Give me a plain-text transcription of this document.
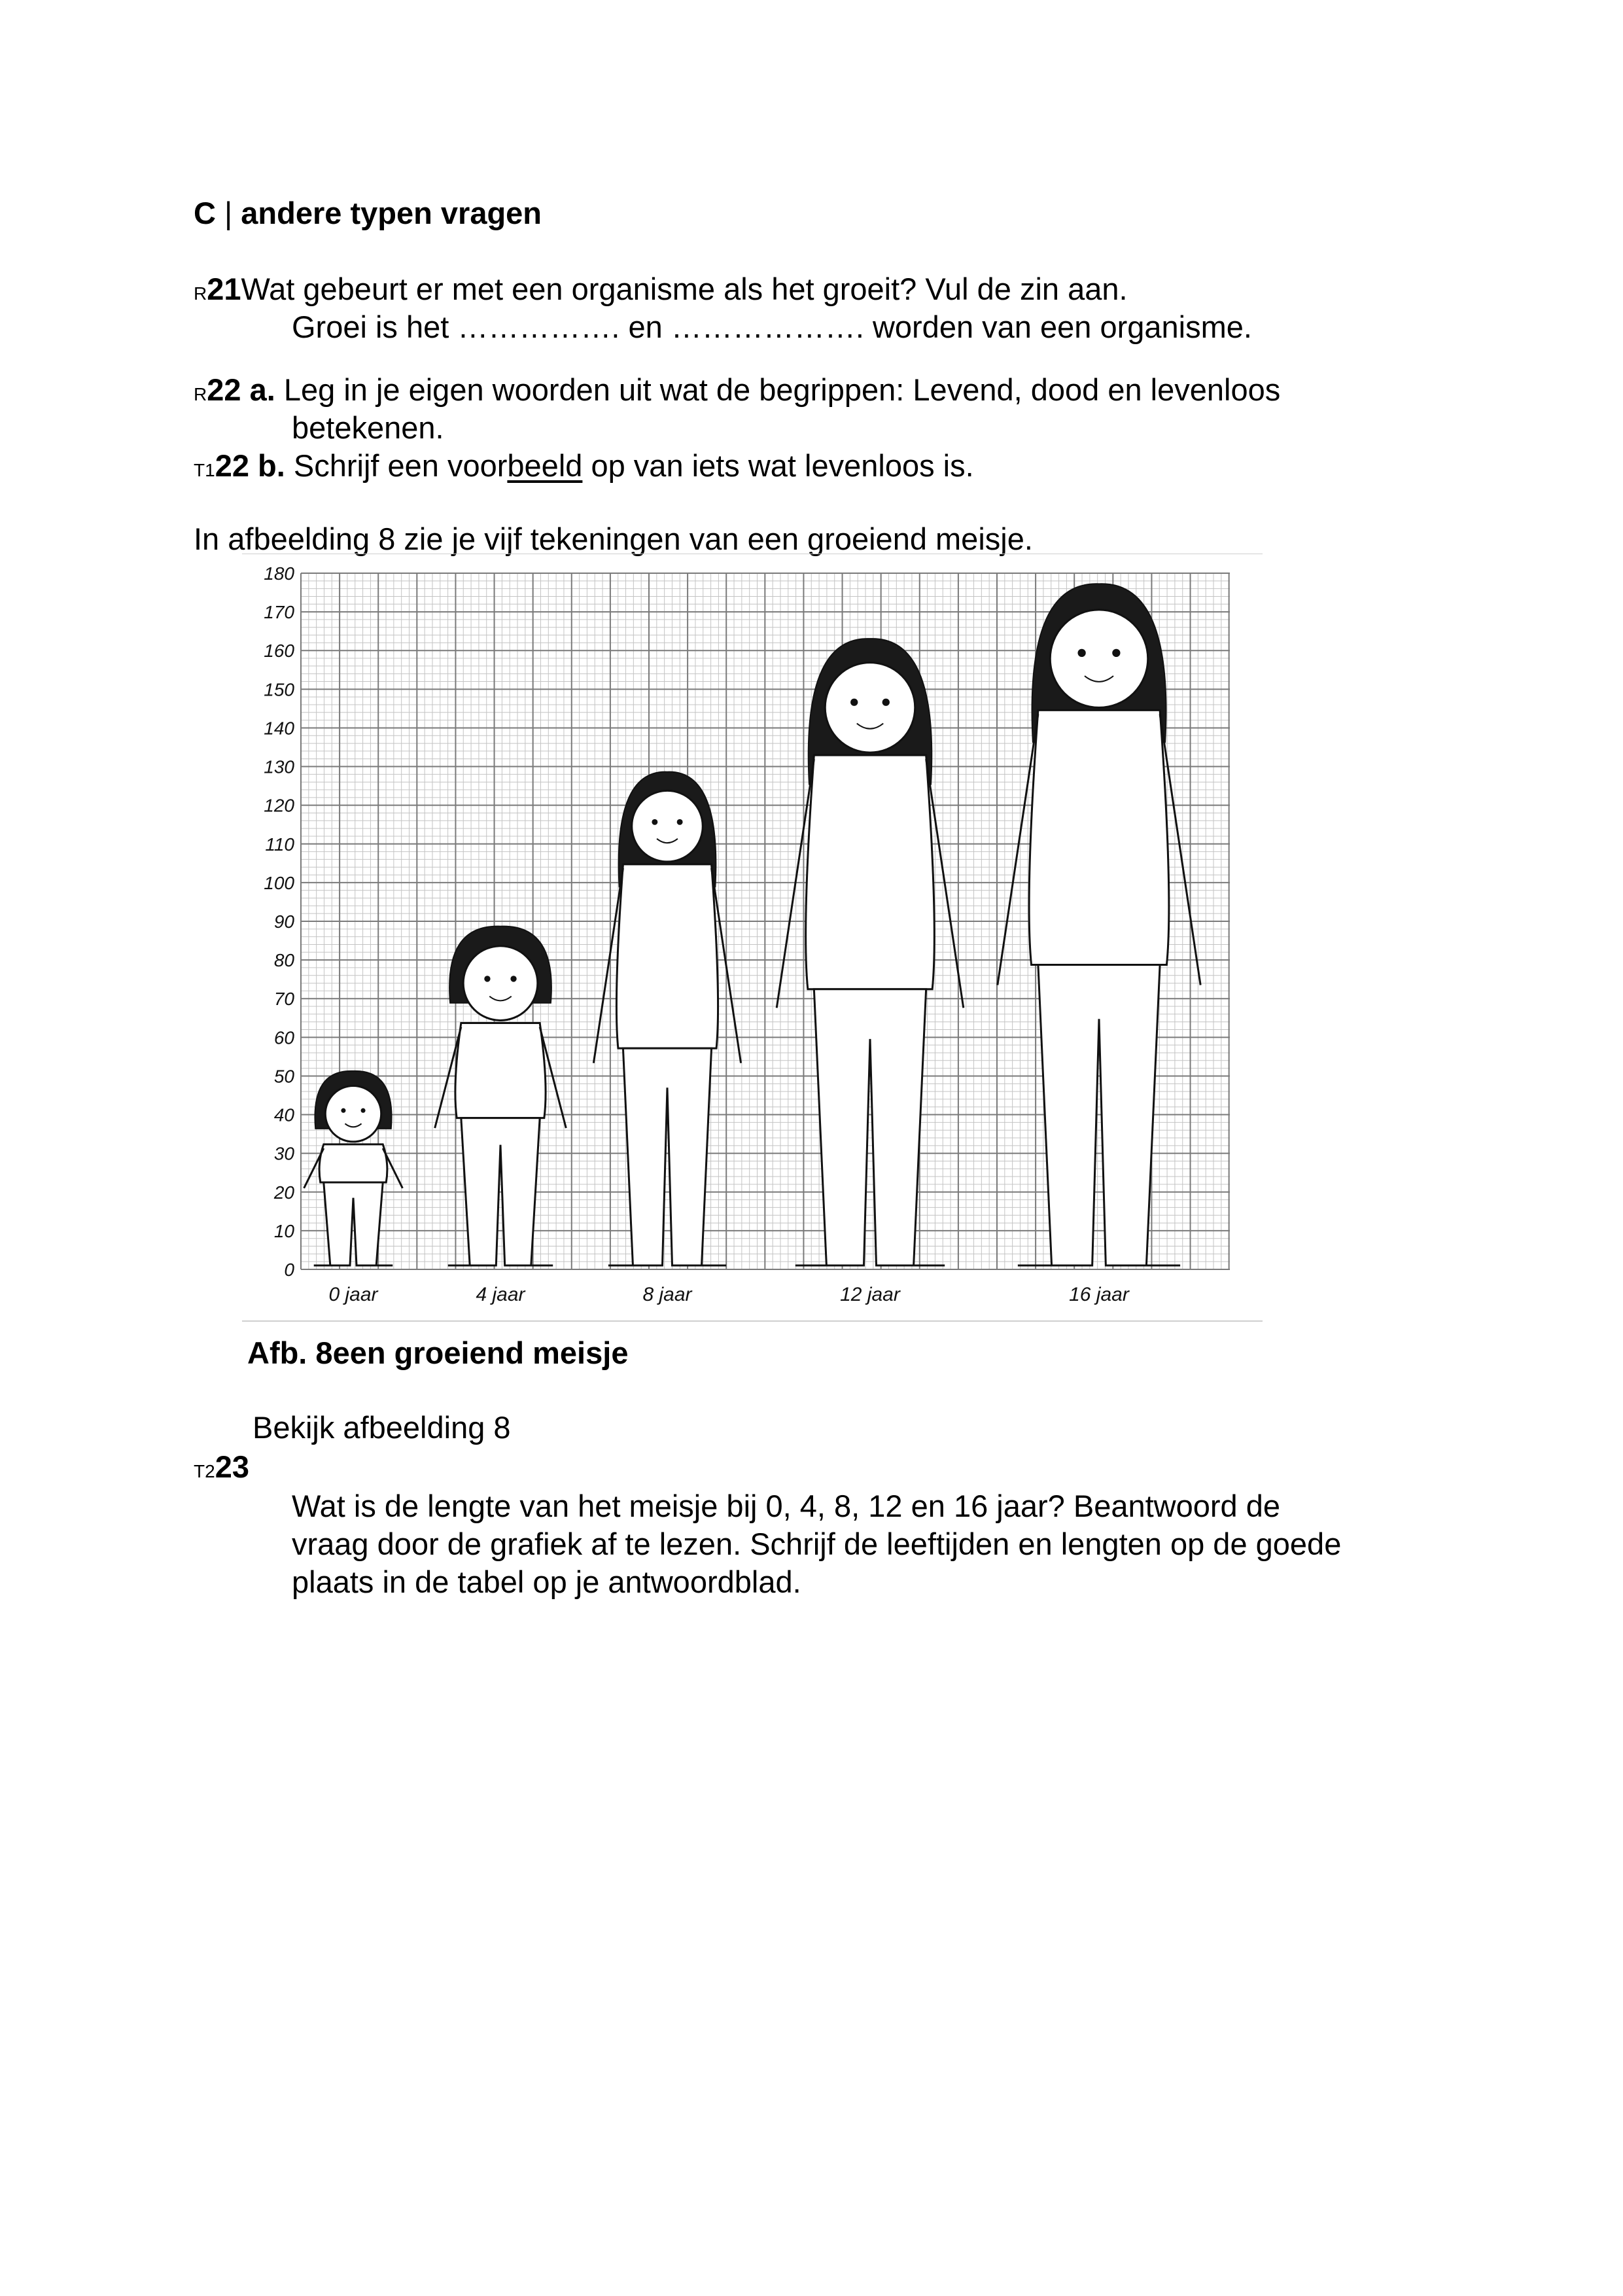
C | andere typen vragen
R21Wat gebeurt er met een organisme als het groeit? Vul de zin aan.
Groei is het ……………. en ………………. worden van een organisme.
R22 a. Leg in je eigen woorden uit wat de begrippen: Levend, dood en levenloos
betekenen.
T122 b. Schrijf een voorbeeld op van iets wat levenloos is.
In afbeelding 8 zie je vijf tekeningen van een groeiend meisje.
180
170
160
150
140
130
120
110
100
90
80
70
60
50
40
30
20
10
0
0 jaar	4 jaar	8 jaar	12 jaar	16 jaar
Afb. 8een groeiend meisje
Bekijk afbeelding 8
T223
Wat is de lengte van het meisje bij 0, 4, 8, 12 en 16 jaar? Beantwoord de
vraag door de grafiek af te lezen. Schrijf de leeftijden en lengten op de goede
plaats in de tabel op je antwoordblad.
